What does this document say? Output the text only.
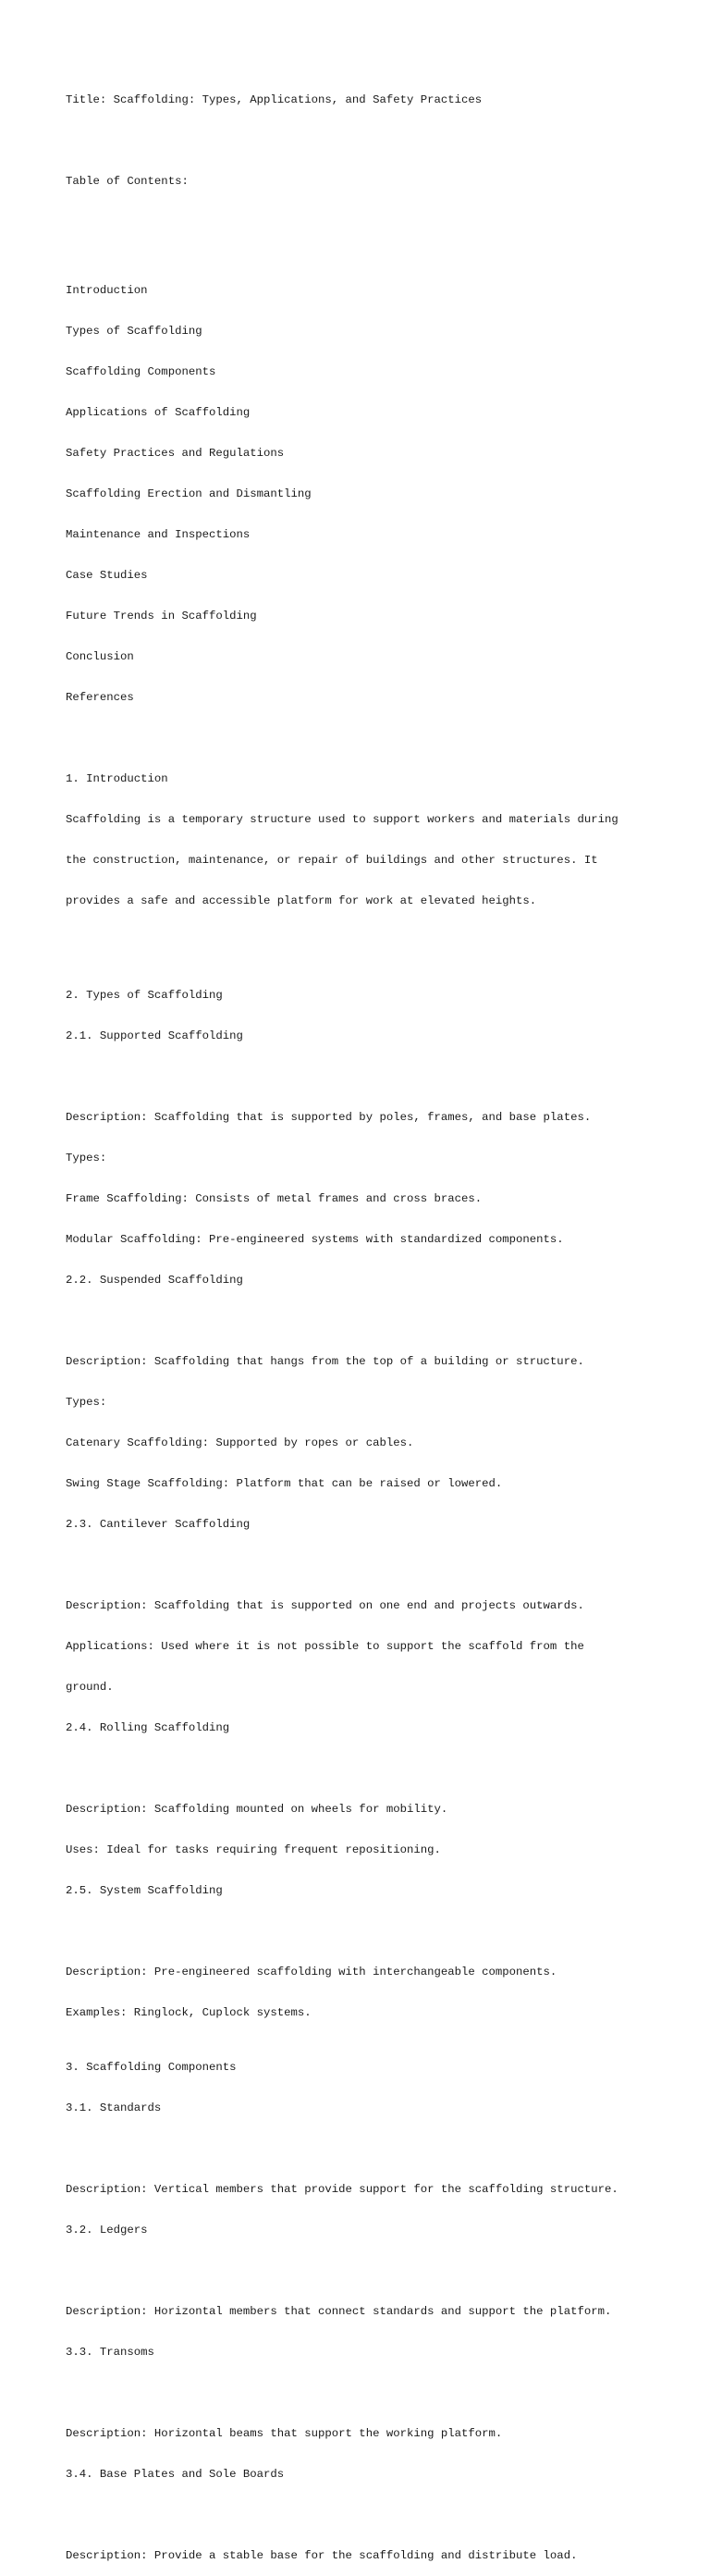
Title: Scaffolding: Types, Applications, and Safety Practices

Table of Contents:

Introduction

Types of Scaffolding

Scaffolding Components

Applications of Scaffolding

Safety Practices and Regulations

Scaffolding Erection and Dismantling

Maintenance and Inspections

Case Studies

Future Trends in Scaffolding

Conclusion

References

1. Introduction

Scaffolding is a temporary structure used to support workers and materials during

the construction, maintenance, or repair of buildings and other structures. It

provides a safe and accessible platform for work at elevated heights.

2. Types of Scaffolding

2.1. Supported Scaffolding

Description: Scaffolding that is supported by poles, frames, and base plates.

Types:

Frame Scaffolding: Consists of metal frames and cross braces.

Modular Scaffolding: Pre-engineered systems with standardized components.

2.2. Suspended Scaffolding

Description: Scaffolding that hangs from the top of a building or structure.

Types:

Catenary Scaffolding: Supported by ropes or cables.

Swing Stage Scaffolding: Platform that can be raised or lowered.

2.3. Cantilever Scaffolding

Description: Scaffolding that is supported on one end and projects outwards.

Applications: Used where it is not possible to support the scaffold from the

ground.

2.4. Rolling Scaffolding

Description: Scaffolding mounted on wheels for mobility.

Uses: Ideal for tasks requiring frequent repositioning.

2.5. System Scaffolding

Description: Pre-engineered scaffolding with interchangeable components.

Examples: Ringlock, Cuplock systems.

3. Scaffolding Components

3.1. Standards

Description: Vertical members that provide support for the scaffolding structure.

3.2. Ledgers

Description: Horizontal members that connect standards and support the platform.

3.3. Transoms

Description: Horizontal beams that support the working platform.

3.4. Base Plates and Sole Boards

Description: Provide a stable base for the scaffolding and distribute load.
